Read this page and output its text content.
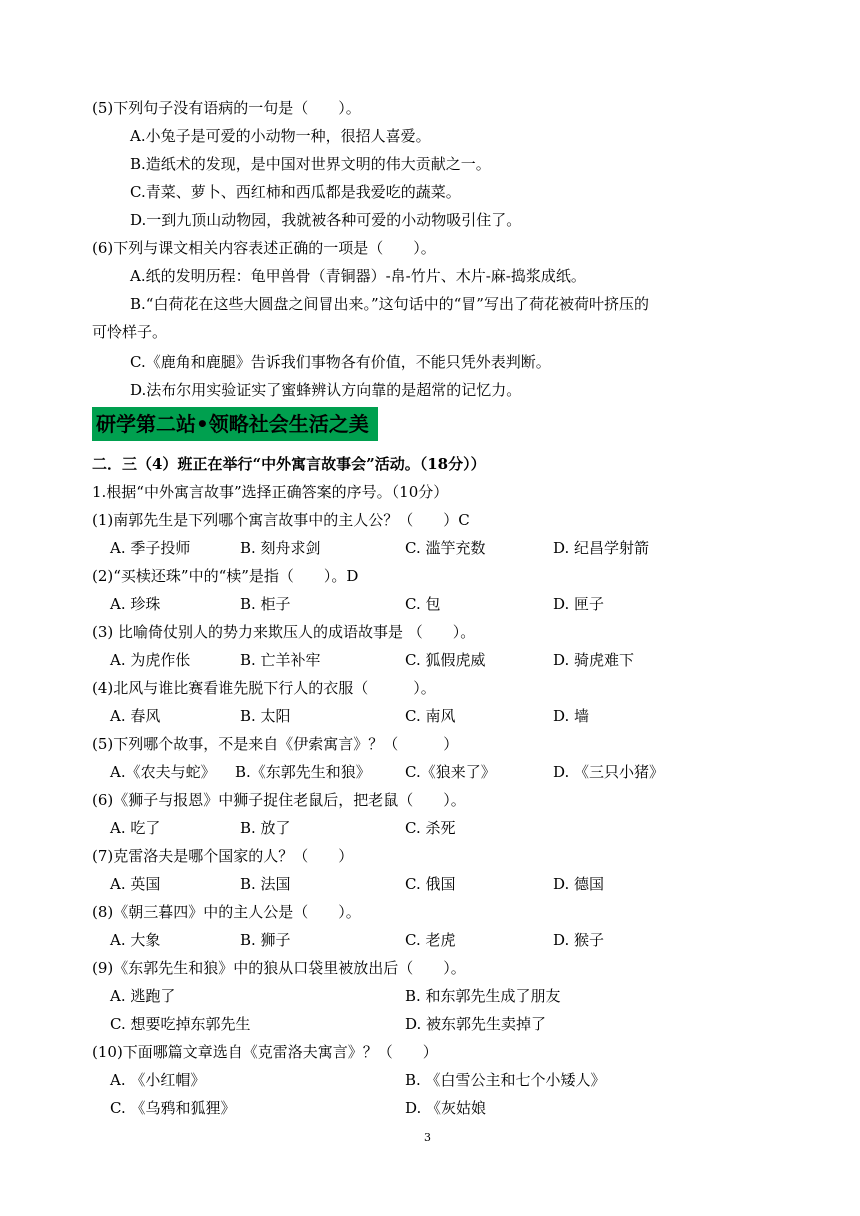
(5)下列句子没有语病的一句是（　　）。
A.小兔子是可爱的小动物一种，很招人喜爱。
B.造纸术的发现，是中国对世界文明的伟大贡献之一。
C.青菜、萝卜、西红柿和西瓜都是我爱吃的蔬菜。
D.一到九顶山动物园，我就被各种可爱的小动物吸引住了。
(6)下列与课文相关内容表述正确的一项是（　　）。
A.纸的发明历程：龟甲兽骨（青铜器）-帛-竹片、木片-麻-捣浆成纸。
B.“白荷花在这些大圆盘之间冒出来。”这句话中的“冒”写出了荷花被荷叶挤压的
可怜样子。
C.《鹿角和鹿腿》告诉我们事物各有价值，不能只凭外表判断。
D.法布尔用实验证实了蜜蜂辨认方向靠的是超常的记忆力。
研学第二站•领略社会生活之美
二．三（4）班正在举行“中外寓言故事会”活动。（18分））
1.根据“中外寓言故事”选择正确答案的序号。（10分）
(1)南郭先生是下列哪个寓言故事中的主人公？（　　）C
A. 季子投师	B. 刻舟求剑	C. 滥竽充数	D. 纪昌学射箭
(2)“买椟还珠”中的“椟”是指（　　）。D
A. 珍珠	B. 柜子	C. 包	D. 匣子
(3) 比喻倚仗别人的势力来欺压人的成语故事是 （　　）。
A. 为虎作伥	B. 亡羊补牢	C. 狐假虎威	D. 骑虎难下
(4)北风与谁比赛看谁先脱下行人的衣服（　　　）。
A. 春风	B. 太阳	C. 南风	D. 墙
(5)下列哪个故事，不是来自《伊索寓言》？（　　　）
A.《农夫与蛇》 B.《东郭先生和狼》 C.《狼来了》	D. 《三只小猪》
(6)《狮子与报恩》中狮子捉住老鼠后，把老鼠（　　）。
A. 吃了	B. 放了	C. 杀死
(7)克雷洛夫是哪个国家的人？（　　）
A. 英国	B. 法国	C. 俄国	D. 德国
(8)《朝三暮四》中的主人公是（　　）。
A. 大象	B. 狮子	C. 老虎	D. 猴子
(9)《东郭先生和狼》中的狼从口袋里被放出后（　　）。
A. 逃跑了	B. 和东郭先生成了朋友
C. 想要吃掉东郭先生	D. 被东郭先生卖掉了
(10)下面哪篇文章选自《克雷洛夫寓言》？（　　）
A. 《小红帽》	B. 《白雪公主和七个小矮人》
C. 《乌鸦和狐狸》	D. 《灰姑娘
3
